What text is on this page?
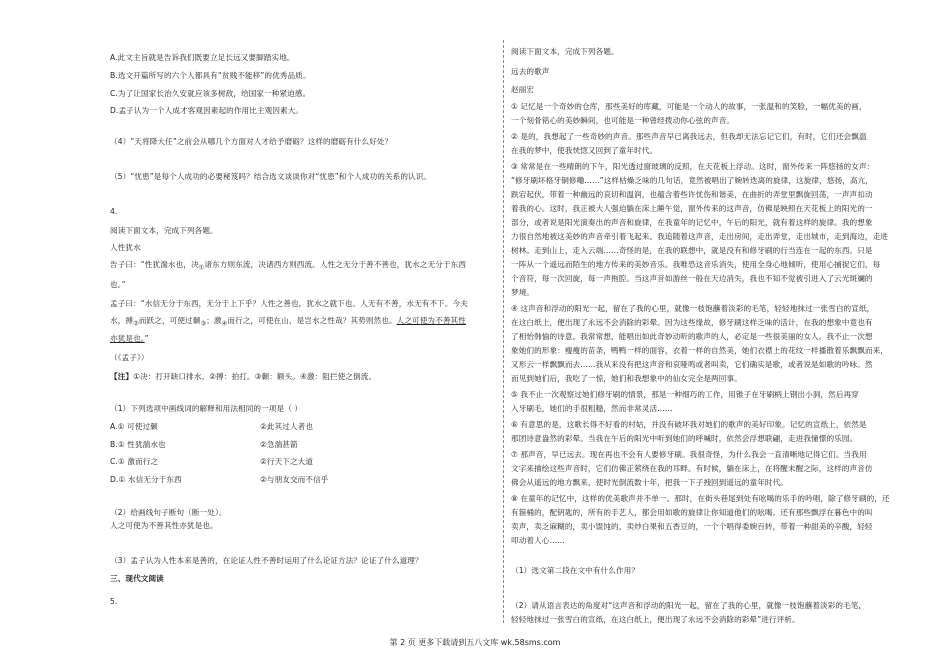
A.此文主旨就是告诉我们既要立足长远又要脚踏实地。
B.选文开篇所写的六个人都具有“贫贱不能移”的优秀品质。
C.为了让国家长治久安就应该多树敌，给国家一种紧迫感。
D.孟子认为一个人成才客观因素起的作用比主观因素大。
（4）“天将降大任”之前会从哪几个方面对人才给予磨砺？这样的磨砺有什么好处？
（5）“忧患”是每个人成功的必要秘笈吗？结合选文谈谈你对“忧患”和个人成功的关系的认识。
4.
阅读下面文本，完成下列各题。
人性犹水
告子曰：“性犹湍水也，决$_①$诸东方则东流，决诸西方则西流。人性之无分于善不善也，犹水之无分于东西
也。”
孟子曰：“水信无分于东西，无分于上下乎？人性之善也，犹水之就下也。人无有不善，水无有不下。今夫
水，搏$_②$而跃之，可使过颡$_③$；激$_④$而行之，可使在山，是岂水之性哉？其势则然也。人之可使为不善其性
亦犹是也。”
（《孟子》）
【注】①决：打开缺口排水。②搏：拍打。③颡：额头。④激：阻拦使之倒流。
（1）下列选项中画线词的解释和用法相同的一项是（ ）
A.① 可使过颡	②此其过人者也
B.① 性犹湍水也	②急湍甚箭
C.① 激而行之	②行天下之大道
D.① 水信无分于东西	②与朋友交而不信乎
（2）给画线句子断句（断一处）。
人之可使为不善其性亦犹是也。
（3）孟子认为人性本来是善的，在论证人性不善时运用了什么论证方法？论证了什么道理？
三、现代文阅读
5.
阅读下面文本，完成下列各题。
远去的歌声
赵丽宏
① 记忆是一个奇妙的仓库，那些美好的库藏，可能是一个动人的故事，一张温和的笑脸，一幅优美的画，
一个刻骨铭心的美妙瞬间，也可能是一种曾经拨动你心弦的声音。
② 是的，我想起了一些奇妙的声音。那些声音早已离我远去，但我却无法忘记它们，有时，它们还会飘温
在我的梦中，使我恍惚又回到了童年时代。
③ 常常是在一些晴朗的下午，阳光透过窗玻璃的反照，在天花板上浮动。这时，窗外传来一阵悠扬的女声：
“修牙刷坏格牙铜修嘞……”这样枯燥乏味的几句话，竟然被唱出了婉转迭离的旋律，这旋律，悠扬，高亢，
跌宕起伏，带着一种幽远的哀切和温润，也蕴含着些许忧伤和谐美，在曲折的弄堂里飘旋回荡，一声声扣动
着我的心。这时，我正被大人强迫躺在床上睡午觉，窗外传来的这声音，仿佛是映照在天花板上的阳光的一
部分，或者说是阳光演奏出的声音和旋律，在我童年的记忆中，午后的阳光，就有着这样的旋律。我的想象
力很自然地被这美妙的声音牵引着飞起来。我追随着这声音，走出房间，走出弄堂，走出城市，走到海边，走进
树林。走到山上，走入云端……奇怪的是，在我的联想中，就是没有和修牙刷的行当连在一起的东西。只是
一阵从一个遥远而陌生的地方传来的美妙音乐。我唯恐这音乐消失，使用全身心地倾听，使用心捕捉它们，每
个音符，每一次回旋，每一声拖腔。当这声音如游丝一般在天边消失，我也不知不觉被引进入了云光斑斓的
梦境。
④ 这声音和浮动的阳光一起，留在了我的心里，就像一枝饱蘸着淡彩的毛笔，轻轻地抹过一张雪白的宣纸，
在这白纸上，便出现了永远不会消除的彩晕。因为这些缘故，修牙刷这样乏味的活计，在我的想象中竟也有
了相怡韩愉的诗意。我常常想，能唱出如此奇妙动听的歌声的人，必定是一些很美丽的女人。我不止一次想
象她们的形象：瘦瘦的苗条，鸭鸭一样的面容，衣着一样的自然美，她们衣襟上的花纹一样播散着乐飘飘而来，
又形云一样飘飘而去……我从来没有把这声音和哀哑鸣或者叫卖，它们确实是歌，或者说是如歌的吟咏。然
而见到她们后，我吃了一惊，她们和我想象中的仙女完全是两回事。
⑤ 我不止一次观察过她们修牙刷的情景，那是一种细巧的工作，用锥子在牙刷柄上钢出小洞，然后再穿
入牙刷毛，她们的手很粗糙，然而非常灵活……
⑥ 有意思的是，这歌长得不好看的村姑，并没有破坏我对她们的歌声的美好印象。记忆的宣纸上，依然是
那团诗意盎然的彩晕。当我在午后的阳光中听到她们的呼喊时，依然会浮想联翩，走进我憧憬的乐园。
⑦ 那声音，早已远去。现在再也不会有人要修牙刷。我很奇怪，为什么我会一直清晰地记得它们。当我用
文字来描绘这些声音时，它们仿佛正萦绕在我的耳畔。有时候，躺在床上，在将醒未醒之际，这样的声音仿
佛会从遥远的地方飘来，使时光倒流数十年，把我一下子拽回到遥远的童年时代。
⑧ 在童年的记忆中，这样的优美歌声并不单一。那时，在街头巷尾到处有吆喝的乐手的吟唱，除了修牙刷的，还
有箍桶的，配钥匙的，所有的手艺人，都会用如歌的旋律让你知道他们的吆喝。还有那些飘浮在暮色中的叫
卖声，卖乏麻糊的，卖小馄饨的，卖炒白果和五香豆的，一个个唱得委婉百转，带着一种甜美的辛酸，轻轻
叩动着人心……
（1）选文第二段在文中有什么作用？
（2）请从语言表达的角度对“这声音和浮动的阳光一起，留在了我的心里，就像一枝饱蘸着淡彩的毛笔，
轻轻地抹过一张雪白的宣纸，在这白纸上，便出现了永远不会消除的彩晕”进行评析。
第 2 页 更多下载请到五八文库 wk.58sms.com
